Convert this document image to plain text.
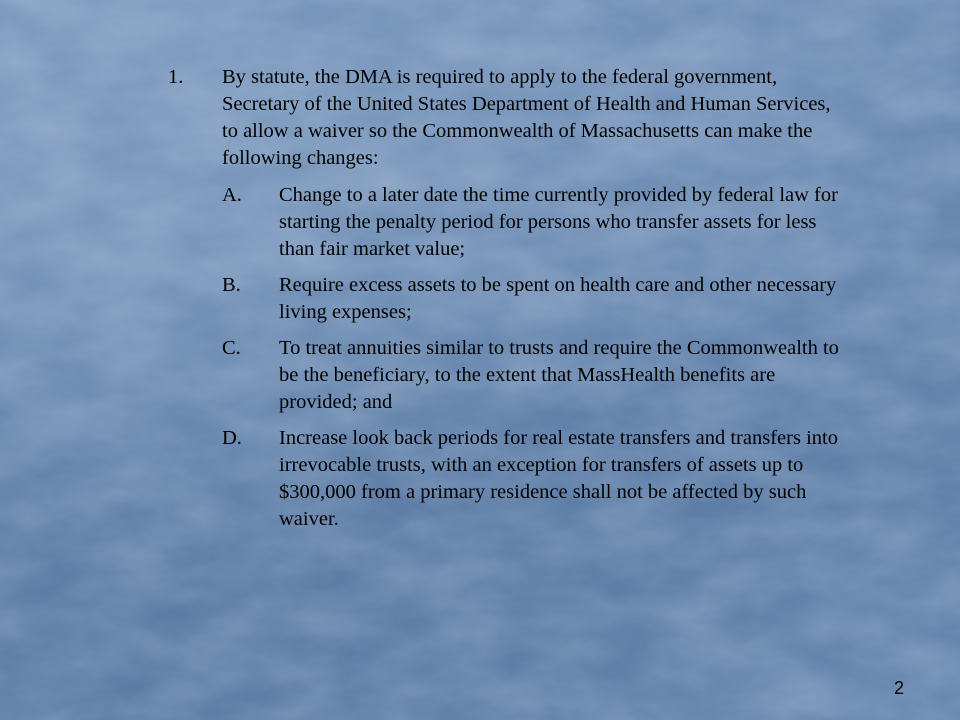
1. By statute, the DMA is required to apply to the federal government, Secretary of the United States Department of Health and Human Services, to allow a waiver so the Commonwealth of Massachusetts can make the following changes:
A. Change to a later date the time currently provided by federal law for starting the penalty period for persons who transfer assets for less than fair market value;
B. Require excess assets to be spent on health care and other necessary living expenses;
C. To treat annuities similar to trusts and require the Commonwealth to be the beneficiary, to the extent that MassHealth benefits are provided; and
D. Increase look back periods for real estate transfers and transfers into irrevocable trusts, with an exception for transfers of assets up to $300,000 from a primary residence shall not be affected by such waiver.
2
